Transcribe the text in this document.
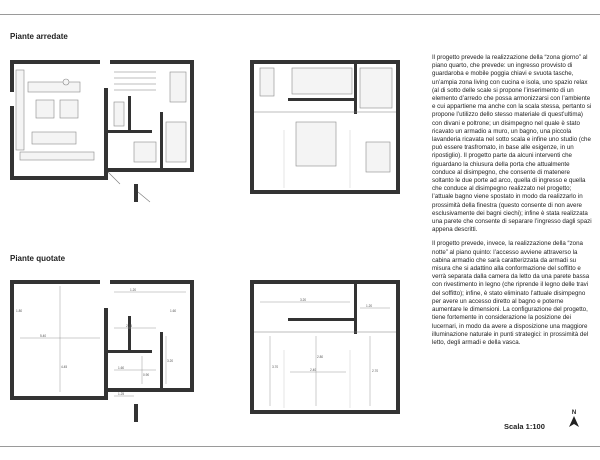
Piante arredate
Piante quotate
1.20
5.40
4.45
2.35
3.20
1.60
0.90
1.25
1.60
1.80
3.20
1.20
3.70
2.80
2.40	2.70

Il progetto prevede la realizzazione della “zona giorno” al piano quarto, che prevede: un ingresso provvisto di guardaroba e mobile poggia chiavi e svuota tasche, un’ampia zona living con cucina e isola, uno spazio relax (al di sotto delle scale si propone l’inserimento di un elemento d’arredo che possa armonizzarsi con l’ambiente e cui appartiene ma anche con la scala stessa, pertanto si propone l’utilizzo dello stesso materiale di quest’ultima) con divani e poltrone; un disimpegno nel quale è stato ricavato un armadio a muro, un bagno, una piccola lavanderia ricavata nel sotto scala e infine uno studio (che può essere trasfromato, in base alle esigenze, in un ripostiglio). Il progetto parte da alcuni interventi che riguardano la chiusura della porta che attualmente conduce al disimpegno, che consente di matenere soltanto le due porte ad arco, quella di ingresso e quella che conduce al disimpegno realizzato nel progetto; l’attuale bagno viene spostato in modo da realizzarlo in prossimità della finestra (questo consente di non avere esclusivamente dei bagni ciechi); infine è stata realizzata una parete che consente di separare l’ingresso dagli spazi appena descritti.

Il progetto prevede, invece, la realizzazione della “zona notte” al piano quinto: l’accesso avviene attraverso la cabina armadio che sarà caratterizzata da armadi su misura che si adattino alla conformazione del soffitto e verrà separata dalla camera da letto da una parete bassa con rivestimento in legno (che riprende il legno delle travi del soffitto); infine, è stato eliminato l’attuale disimpegno per avere un accesso diretto al bagno e poterne aumentare le dimensioni. La configurazione del progetto, tiene fortemente in considerazione la posizione dei lucernari, in modo da avere a disposizione una maggiore illuminazione naturale in punti strategici: in prossimità del letto, degli armadi e della vasca.

Scala 1:100
N
